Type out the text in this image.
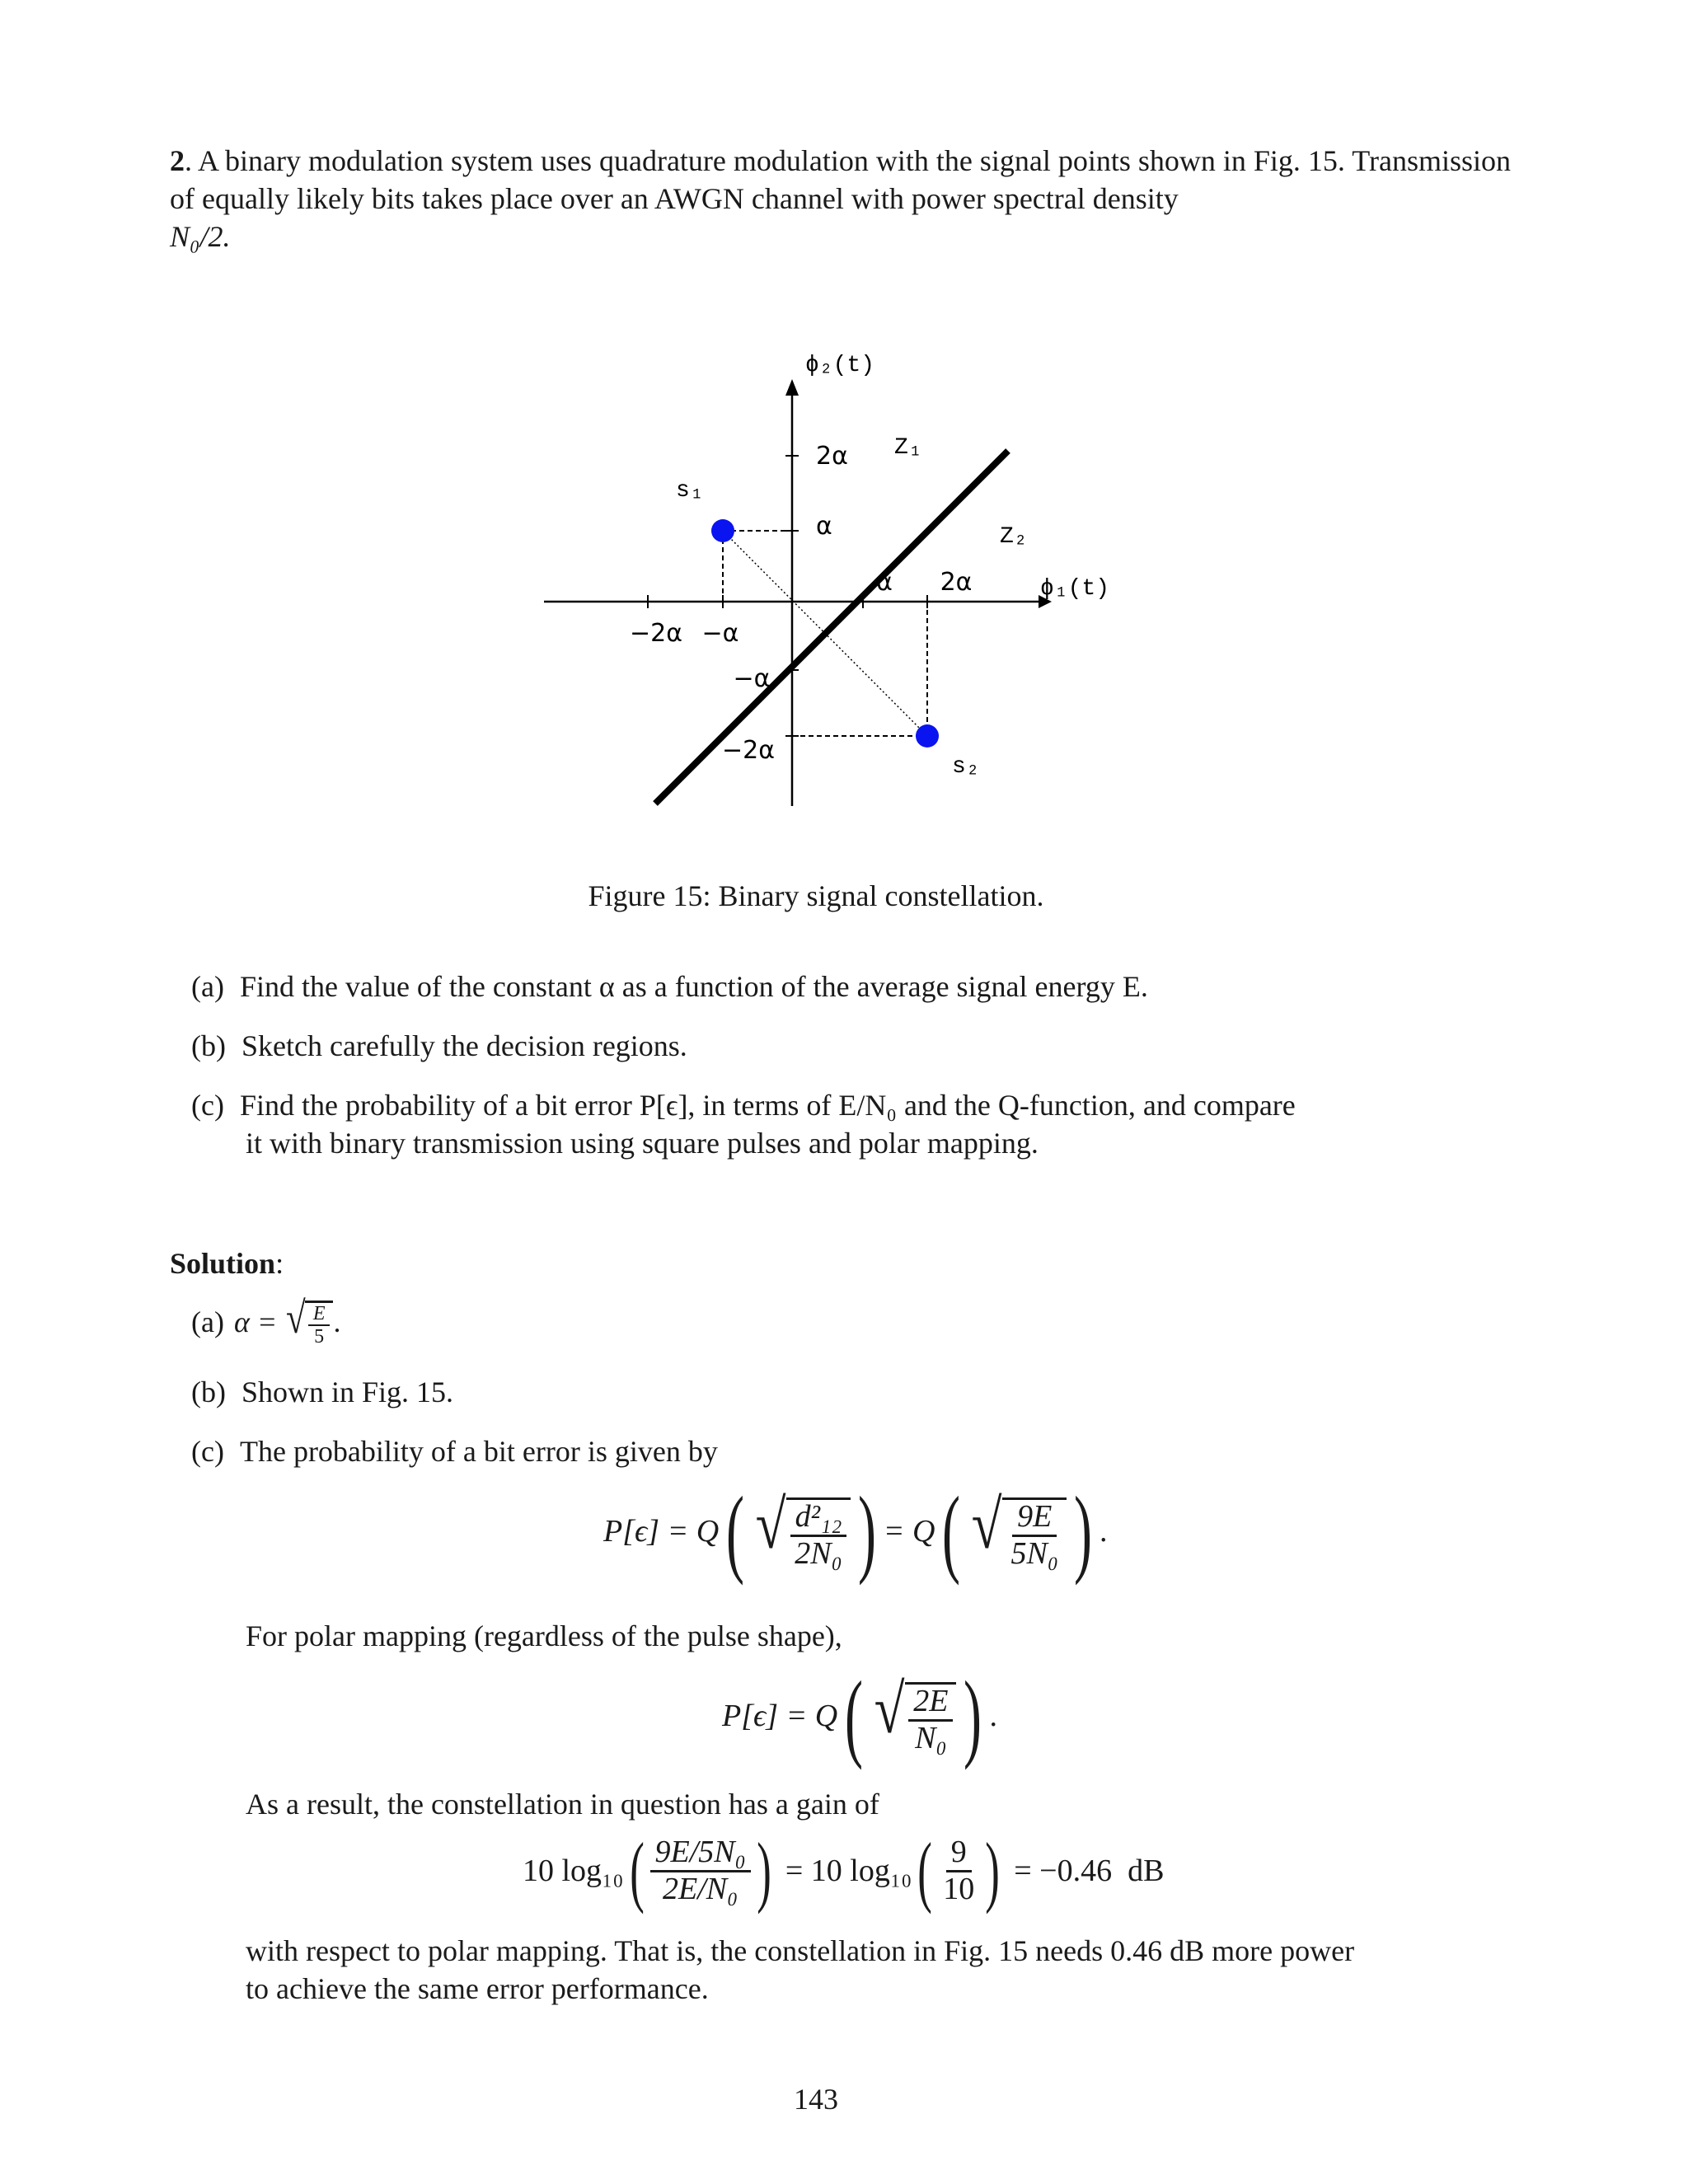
2. A binary modulation system uses quadrature modulation with the signal points shown in Fig. 15. Transmission of equally likely bits takes place over an AWGN channel with power spectral density
N₀/2.
ϕ₂(t)
ϕ₁(t)
Z₁
Z₂
s₁
s₂
2α
α
α 2α
−2α −α
−α
−2α
Figure 15: Binary signal constellation.
(a) Find the value of the constant α as a function of the average signal energy E.
(b) Sketch carefully the decision regions.
(c) Find the probability of a bit error P[ϵ], in terms of E/N₀ and the Q-function, and compare
it with binary transmission using square pulses and polar mapping.
Solution:
(a) α = √ $\frac{E}{5}$ .
(b) Shown in Fig. 15.
(c) The probability of a bit error is given by
P[ϵ] = Q ( √ $\frac{\text{d²₁₂}}{\text{2N₀}}$ ) = Q ( √ $\frac{9E}{\text{5N₀}}$ ) .
For polar mapping (regardless of the pulse shape),
P[ϵ] = Q ( √ $\frac{2E}{\text{N₀}}$ ) .
As a result, the constellation in question has a gain of
10 log₁₀ ( $\frac{\text{9E/5N₀}}{\text{2E/N₀}}$ ) = 10 log₁₀ ( $\frac{9}{10}$ ) = −0.46  dB
with respect to polar mapping. That is, the constellation in Fig. 15 needs 0.46 dB more power
to achieve the same error performance.
143
